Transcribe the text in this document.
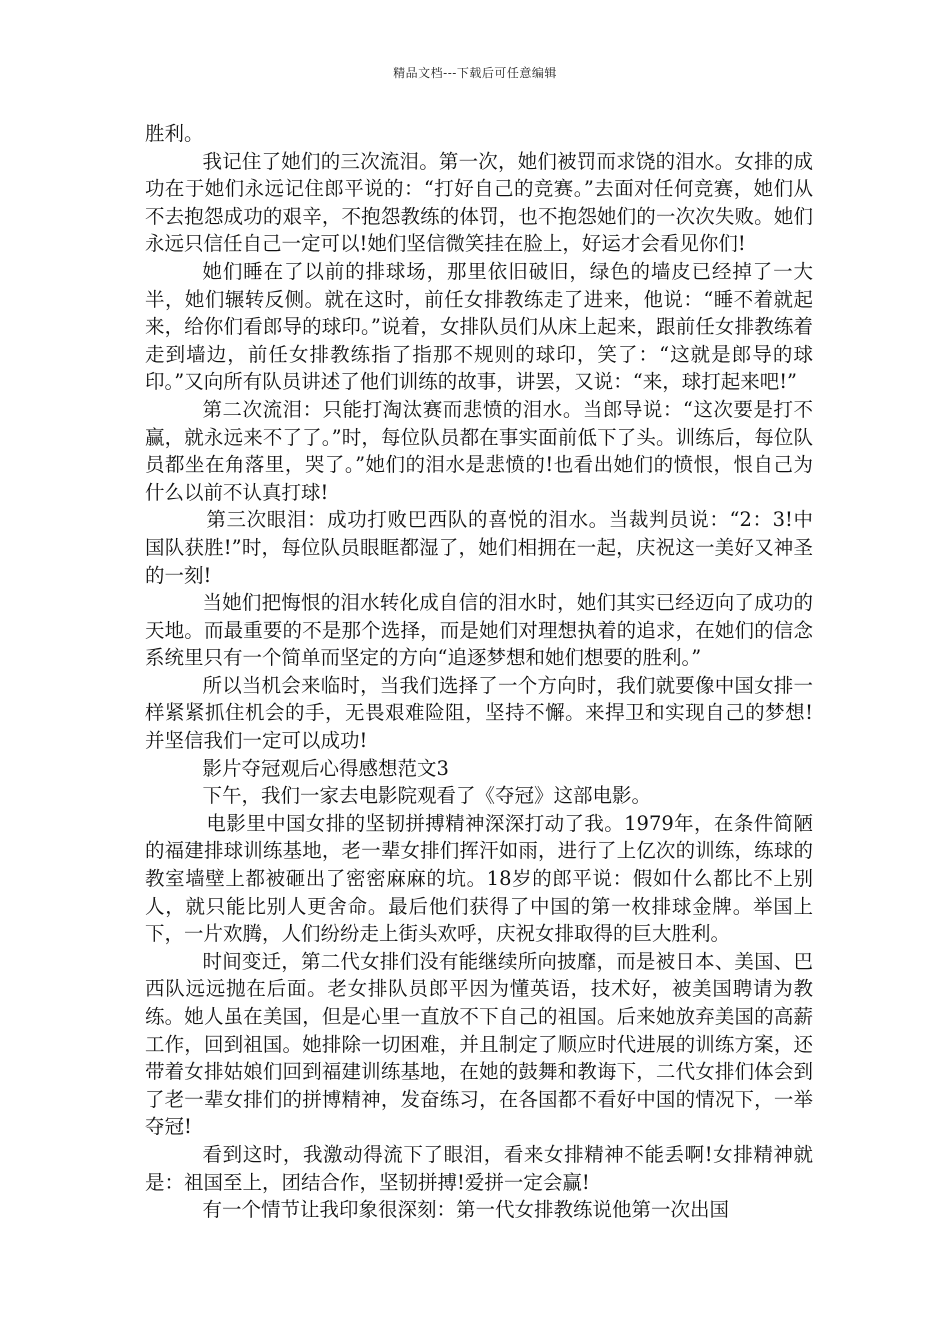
精品文档---下载后可任意编辑

胜利。

我记住了她们的三次流泪。第一次，她们被罚而求饶的泪水。女排的成功在于她们永远记住郎平说的：“打好自己的竞赛。”去面对任何竞赛，她们从不去抱怨成功的艰辛，不抱怨教练的体罚，也不抱怨她们的一次次失败。她们永远只信任自己一定可以!她们坚信微笑挂在脸上，好运才会看见你们!

她们睡在了以前的排球场，那里依旧破旧，绿色的墙皮已经掉了一大半，她们辗转反侧。就在这时，前任女排教练走了进来，他说：“睡不着就起来，给你们看郎导的球印。”说着，女排队员们从床上起来，跟前任女排教练着走到墙边，前任女排教练指了指那不规则的球印，笑了：“这就是郎导的球印。”又向所有队员讲述了他们训练的故事，讲罢，又说：“来，球打起来吧!”

第二次流泪：只能打淘汰赛而悲愤的泪水。当郎导说：“这次要是打不赢，就永远来不了了。”时，每位队员都在事实面前低下了头。训练后，每位队员都坐在角落里，哭了。”她们的泪水是悲愤的!也看出她们的愤恨，恨自己为什么以前不认真打球!

第三次眼泪：成功打败巴西队的喜悦的泪水。当裁判员说：“2：3!中国队获胜!”时，每位队员眼眶都湿了，她们相拥在一起，庆祝这一美好又神圣的一刻!

当她们把悔恨的泪水转化成自信的泪水时，她们其实已经迈向了成功的天地。而最重要的不是那个选择，而是她们对理想执着的追求，在她们的信念系统里只有一个简单而坚定的方向“追逐梦想和她们想要的胜利。”

所以当机会来临时，当我们选择了一个方向时，我们就要像中国女排一样紧紧抓住机会的手，无畏艰难险阻，坚持不懈。来捍卫和实现自己的梦想!并坚信我们一定可以成功!

影片夺冠观后心得感想范文3

下午，我们一家去电影院观看了《夺冠》这部电影。

电影里中国女排的坚韧拼搏精神深深打动了我。1979年，在条件简陋的福建排球训练基地，老一辈女排们挥汗如雨，进行了上亿次的训练，练球的教室墙壁上都被砸出了密密麻麻的坑。18岁的郎平说：假如什么都比不上别人，就只能比别人更舍命。最后他们获得了中国的第一枚排球金牌。举国上下，一片欢腾，人们纷纷走上街头欢呼，庆祝女排取得的巨大胜利。

时间变迁，第二代女排们没有能继续所向披靡，而是被日本、美国、巴西队远远抛在后面。老女排队员郎平因为懂英语，技术好，被美国聘请为教练。她人虽在美国，但是心里一直放不下自己的祖国。后来她放弃美国的高薪工作，回到祖国。她排除一切困难，并且制定了顺应时代进展的训练方案，还带着女排姑娘们回到福建训练基地，在她的鼓舞和教诲下，二代女排们体会到了老一辈女排们的拼博精神，发奋练习，在各国都不看好中国的情况下，一举夺冠!

看到这时，我激动得流下了眼泪，看来女排精神不能丢啊!女排精神就是：祖国至上，团结合作，坚韧拼搏!爱拼一定会赢!

有一个情节让我印象很深刻：第一代女排教练说他第一次出国
